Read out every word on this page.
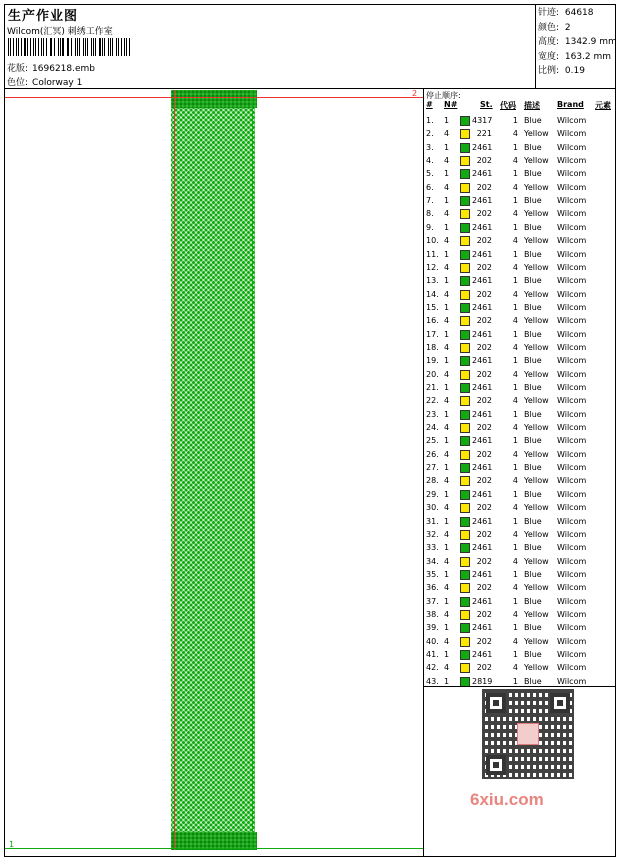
生产作业图
Wilcom(汇冥) 刺绣工作室
花版: 1696218.emb
色位: Colorway 1
针迹: 64618
颜色: 2
高度: 1342.9 mm
宽度: 163.2 mm
比例: 0.19
2
1
停止顺序:
# N#	St. 代码 描述 Brand 元素
1. 1	4317	1 Blue Wilcom
2. 4	221	4 Yellow Wilcom
3. 1	2461	1 Blue Wilcom
4. 4	202	4 Yellow Wilcom
5. 1	2461	1 Blue Wilcom
6. 4	202	4 Yellow Wilcom
7. 1	2461	1 Blue Wilcom
8. 4	202	4 Yellow Wilcom
9. 1	2461	1 Blue Wilcom
10. 4	202	4 Yellow Wilcom
11. 1	2461	1 Blue Wilcom
12. 4	202	4 Yellow Wilcom
13. 1	2461	1 Blue Wilcom
14. 4	202	4 Yellow Wilcom
15. 1	2461	1 Blue Wilcom
16. 4	202	4 Yellow Wilcom
17. 1	2461	1 Blue Wilcom
18. 4	202	4 Yellow Wilcom
19. 1	2461	1 Blue Wilcom
20. 4	202	4 Yellow Wilcom
21. 1	2461	1 Blue Wilcom
22. 4	202	4 Yellow Wilcom
23. 1	2461	1 Blue Wilcom
24. 4	202	4 Yellow Wilcom
25. 1	2461	1 Blue Wilcom
26. 4	202	4 Yellow Wilcom
27. 1	2461	1 Blue Wilcom
28. 4	202	4 Yellow Wilcom
29. 1	2461	1 Blue Wilcom
30. 4	202	4 Yellow Wilcom
31. 1	2461	1 Blue Wilcom
32. 4	202	4 Yellow Wilcom
33. 1	2461	1 Blue Wilcom
34. 4	202	4 Yellow Wilcom
35. 1	2461	1 Blue Wilcom
36. 4	202	4 Yellow Wilcom
37. 1	2461	1 Blue Wilcom
38. 4	202	4 Yellow Wilcom
39. 1	2461	1 Blue Wilcom
40. 4	202	4 Yellow Wilcom
41. 1	2461	1 Blue Wilcom
42. 4	202	4 Yellow Wilcom
43. 1	2819	1 Blue Wilcom
6xiu.com
